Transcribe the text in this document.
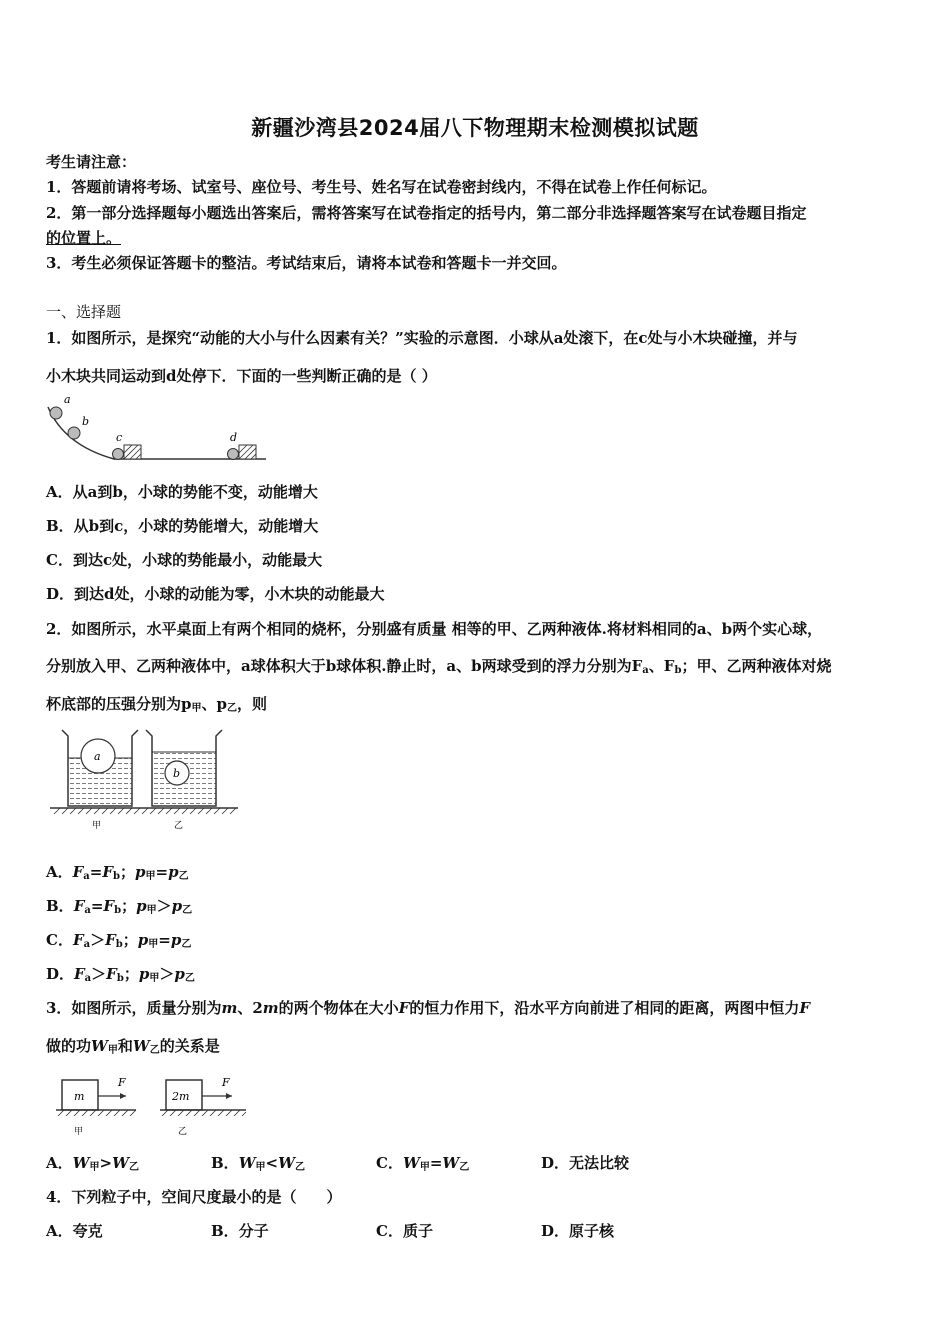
新疆沙湾县2024届八下物理期末检测模拟试题
考生请注意：
1．答题前请将考场、试室号、座位号、考生号、姓名写在试卷密封线内，不得在试卷上作任何标记。
2．第一部分选择题每小题选出答案后，需将答案写在试卷指定的括号内，第二部分非选择题答案写在试卷题目指定
的位置上。
3．考生必须保证答题卡的整洁。考试结束后，请将本试卷和答题卡一并交回。
一、选择题
1．如图所示，是探究“动能的大小与什么因素有关？”实验的示意图．小球从a处滚下，在c处与小木块碰撞，并与
小木块共同运动到d处停下．下面的一些判断正确的是（ ）
a
b
c	d
A．从a到b，小球的势能不变，动能增大
B．从b到c，小球的势能增大，动能增大
C．到达c处，小球的势能最小，动能最大
D．到达d处，小球的动能为零，小木块的动能最大
2．如图所示，水平桌面上有两个相同的烧杯，分别盛有质量 相等的甲、乙两种液体.将材料相同的a、b两个实心球，
分别放入甲、乙两种液体中，a球体积大于b球体积.静止时，a、b两球受到的浮力分别为$F_a$、$F_b$；甲、乙两种液体对烧
杯底部的压强分别为$p_甲$、$p_乙$，则
a
b
甲	乙
A．$F_a=F_b$；$p_甲=p_乙$
B．$F_a=F_b$；$p_甲>p_乙$
C．$F_a>F_b$；$p_甲=p_乙$
D．$F_a>F_b$；$p_甲>p_乙$
3．如图所示，质量分别为m、2m的两个物体在大小F的恒力作用下，沿水平方向前进了相同的距离，两图中恒力F
做的功$W_甲$和$W_乙$的关系是
m
F
甲
2m
F
乙
A．$W_甲>W_乙$	B．$W_甲<W_乙$	C．$W_甲=W_乙$	D．无法比较
4．下列粒子中，空间尺度最小的是（　　）
A．夸克	B．分子	C．质子	D．原子核
